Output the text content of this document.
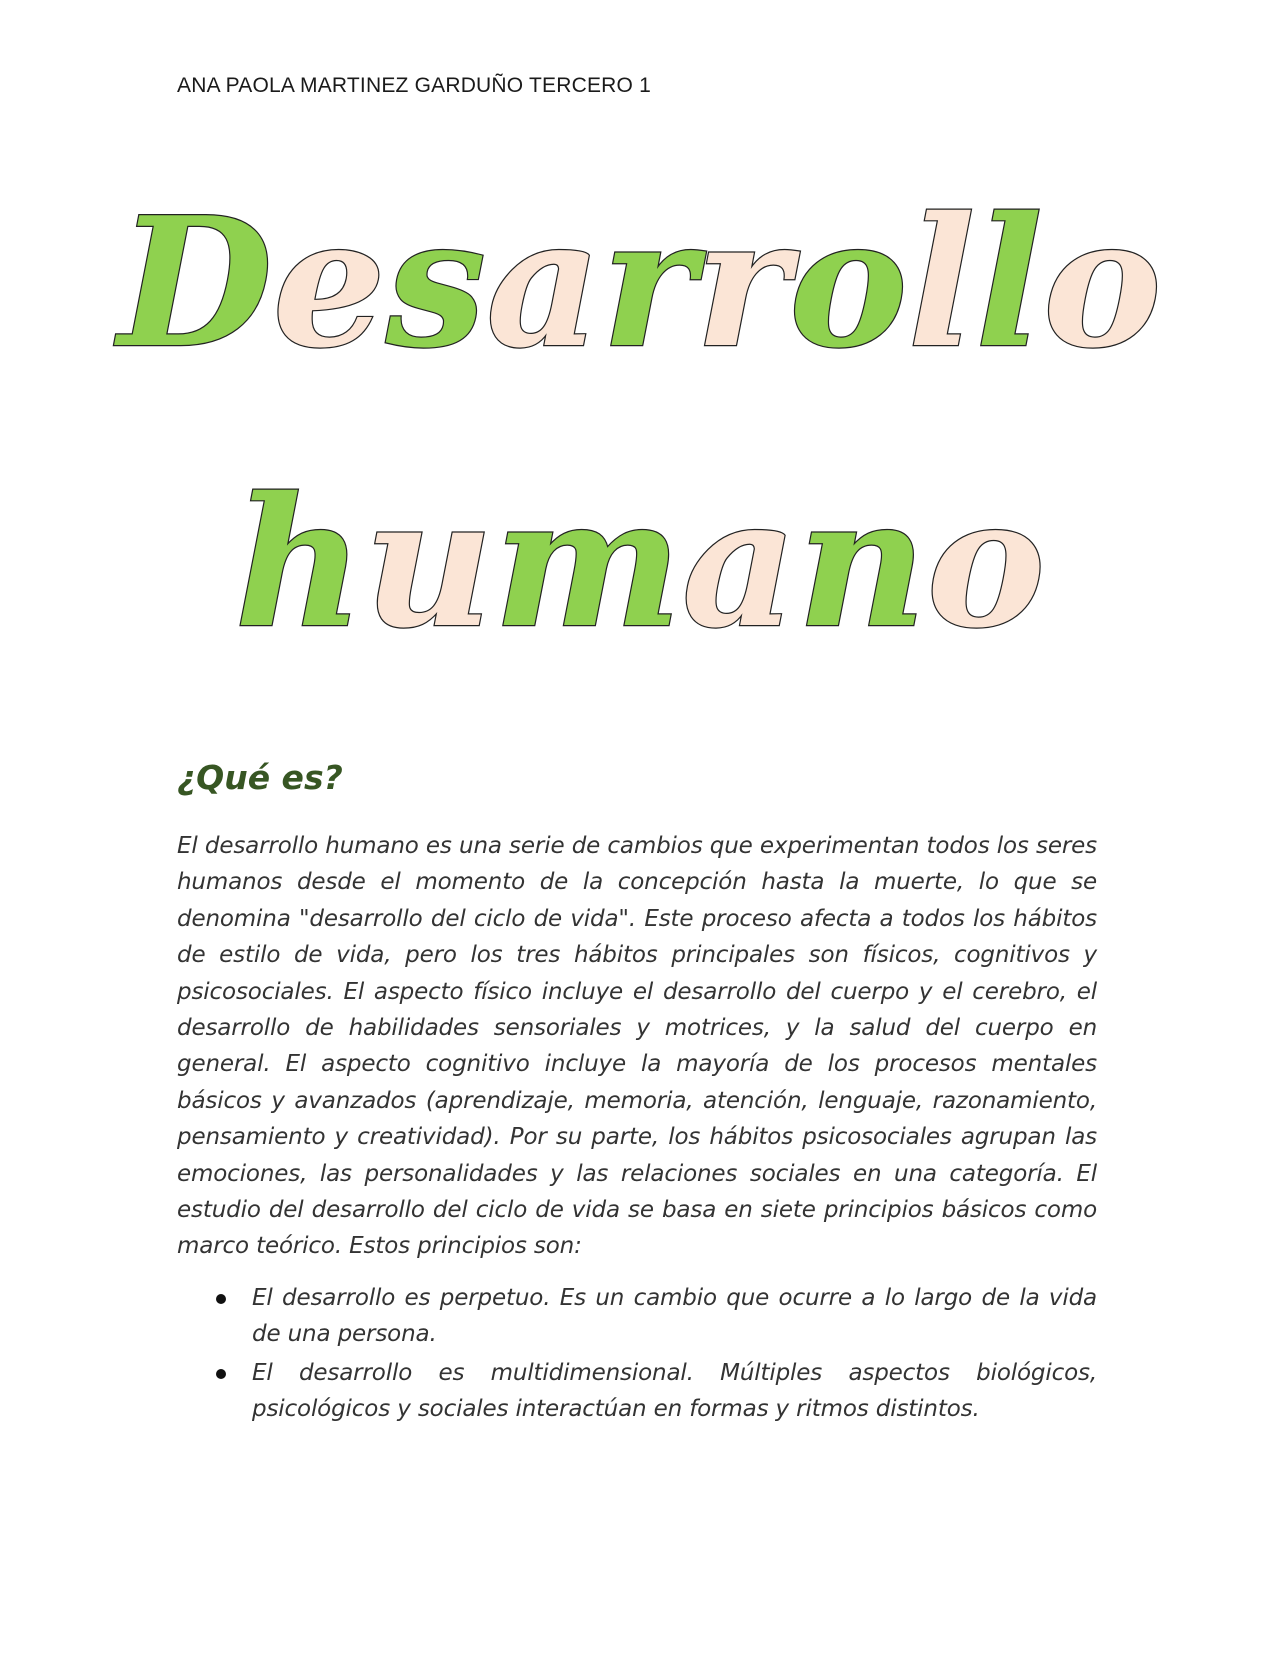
ANA PAOLA MARTINEZ GARDUÑO TERCERO 1
Desarrollo
humano
¿Qué es?

El desarrollo humano es una serie de cambios que experimentan todos los seres humanos desde el momento de la concepción hasta la muerte, lo que se denomina "desarrollo del ciclo de vida". Este proceso afecta a todos los hábitos de estilo de vida, pero los tres hábitos principales son físicos, cognitivos y psicosociales. El aspecto físico incluye el desarrollo del cuerpo y el cerebro, el desarrollo de habilidades sensoriales y motrices, y la salud del cuerpo en general. El aspecto cognitivo incluye la mayoría de los procesos mentales básicos y avanzados (aprendizaje, memoria, atención, lenguaje, razonamiento, pensamiento y creatividad). Por su parte, los hábitos psicosociales agrupan las emociones, las personalidades y las relaciones sociales en una categoría. El estudio del desarrollo del ciclo de vida se basa en siete principios básicos como marco teórico. Estos principios son:

El desarrollo es perpetuo. Es un cambio que ocurre a lo largo de la vida de una persona.
El desarrollo es multidimensional. Múltiples aspectos biológicos, psicológicos y sociales interactúan en formas y ritmos distintos.
